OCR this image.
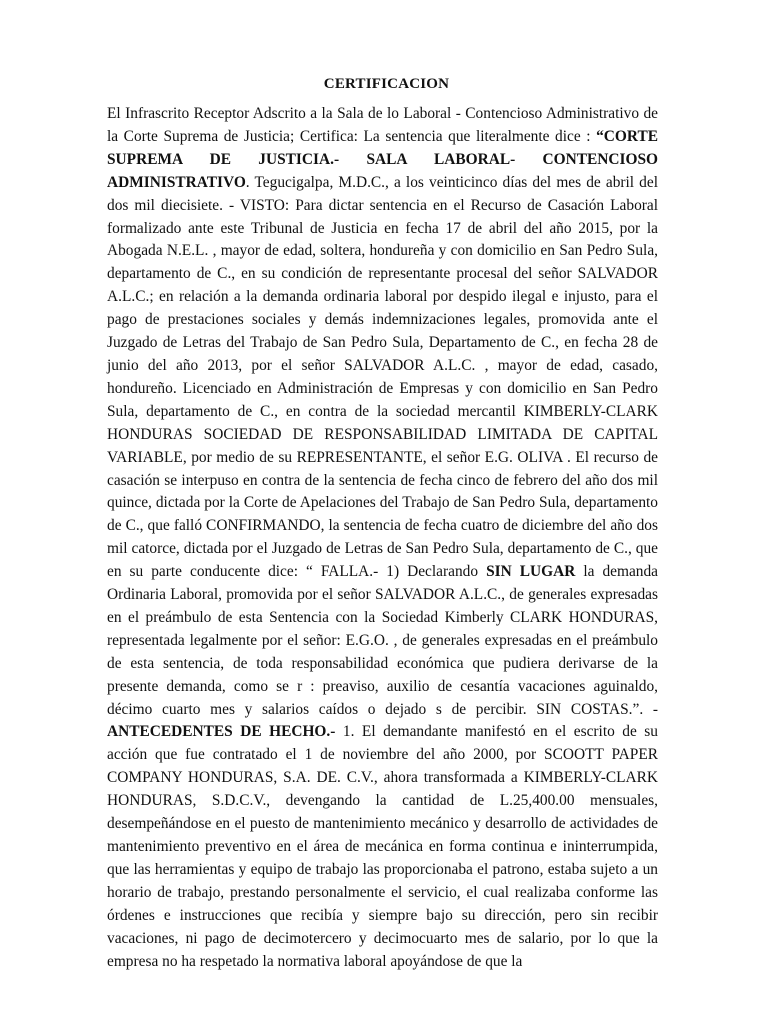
CERTIFICACION

El Infrascrito Receptor Adscrito a la Sala de lo Laboral - Contencioso Administrativo de la Corte Suprema de Justicia; Certifica: La sentencia que literalmente dice : “CORTE SUPREMA DE JUSTICIA.- SALA LABORAL- CONTENCIOSO ADMINISTRATIVO. Tegucigalpa, M.D.C., a los veinticinco días del mes de abril del dos mil diecisiete. - VISTO: Para dictar sentencia en el Recurso de Casación Laboral formalizado ante este Tribunal de Justicia en fecha 17 de abril del año 2015, por la Abogada N.E.L. , mayor de edad, soltera, hondureña y con domicilio en San Pedro Sula, departamento de C., en su condición de representante procesal del señor SALVADOR A.L.C.; en relación a la demanda ordinaria laboral por despido ilegal e injusto, para el pago de prestaciones sociales y demás indemnizaciones legales, promovida ante el Juzgado de Letras del Trabajo de San Pedro Sula, Departamento de C., en fecha 28 de junio del año 2013, por el señor SALVADOR A.L.C. , mayor de edad, casado, hondureño. Licenciado en Administración de Empresas y con domicilio en San Pedro Sula, departamento de C., en contra de la sociedad mercantil KIMBERLY-CLARK HONDURAS SOCIEDAD DE RESPONSABILIDAD LIMITADA DE CAPITAL VARIABLE, por medio de su REPRESENTANTE, el señor E.G. OLIVA . El recurso de casación se interpuso en contra de la sentencia de fecha cinco de febrero del año dos mil quince, dictada por la Corte de Apelaciones del Trabajo de San Pedro Sula, departamento de C., que falló CONFIRMANDO, la sentencia de fecha cuatro de diciembre del año dos mil catorce, dictada por el Juzgado de Letras de San Pedro Sula, departamento de C., que en su parte conducente dice: “ FALLA.- 1) Declarando SIN LUGAR la demanda Ordinaria Laboral, promovida por el señor SALVADOR A.L.C., de generales expresadas en el preámbulo de esta Sentencia con la Sociedad Kimberly CLARK HONDURAS, representada legalmente por el señor: E.G.O. , de generales expresadas en el preámbulo de esta sentencia, de toda responsabilidad económica que pudiera derivarse de la presente demanda, como se r : preaviso, auxilio de cesantía vacaciones aguinaldo, décimo cuarto mes y salarios caídos o dejado s de percibir. SIN COSTAS.”. - ANTECEDENTES DE HECHO.- 1. El demandante manifestó en el escrito de su acción que fue contratado el 1 de noviembre del año 2000, por SCOOTT PAPER COMPANY HONDURAS, S.A. DE. C.V., ahora transformada a KIMBERLY-CLARK HONDURAS, S.D.C.V., devengando la cantidad de L.25,400.00 mensuales, desempeñándose en el puesto de mantenimiento mecánico y desarrollo de actividades de mantenimiento preventivo en el área de mecánica en forma continua e ininterrumpida, que las herramientas y equipo de trabajo las proporcionaba el patrono, estaba sujeto a un horario de trabajo, prestando personalmente el servicio, el cual realizaba conforme las órdenes e instrucciones que recibía y siempre bajo su dirección, pero sin recibir vacaciones, ni pago de decimotercero y decimocuarto mes de salario, por lo que la empresa no ha respetado la normativa laboral apoyándose de que la
